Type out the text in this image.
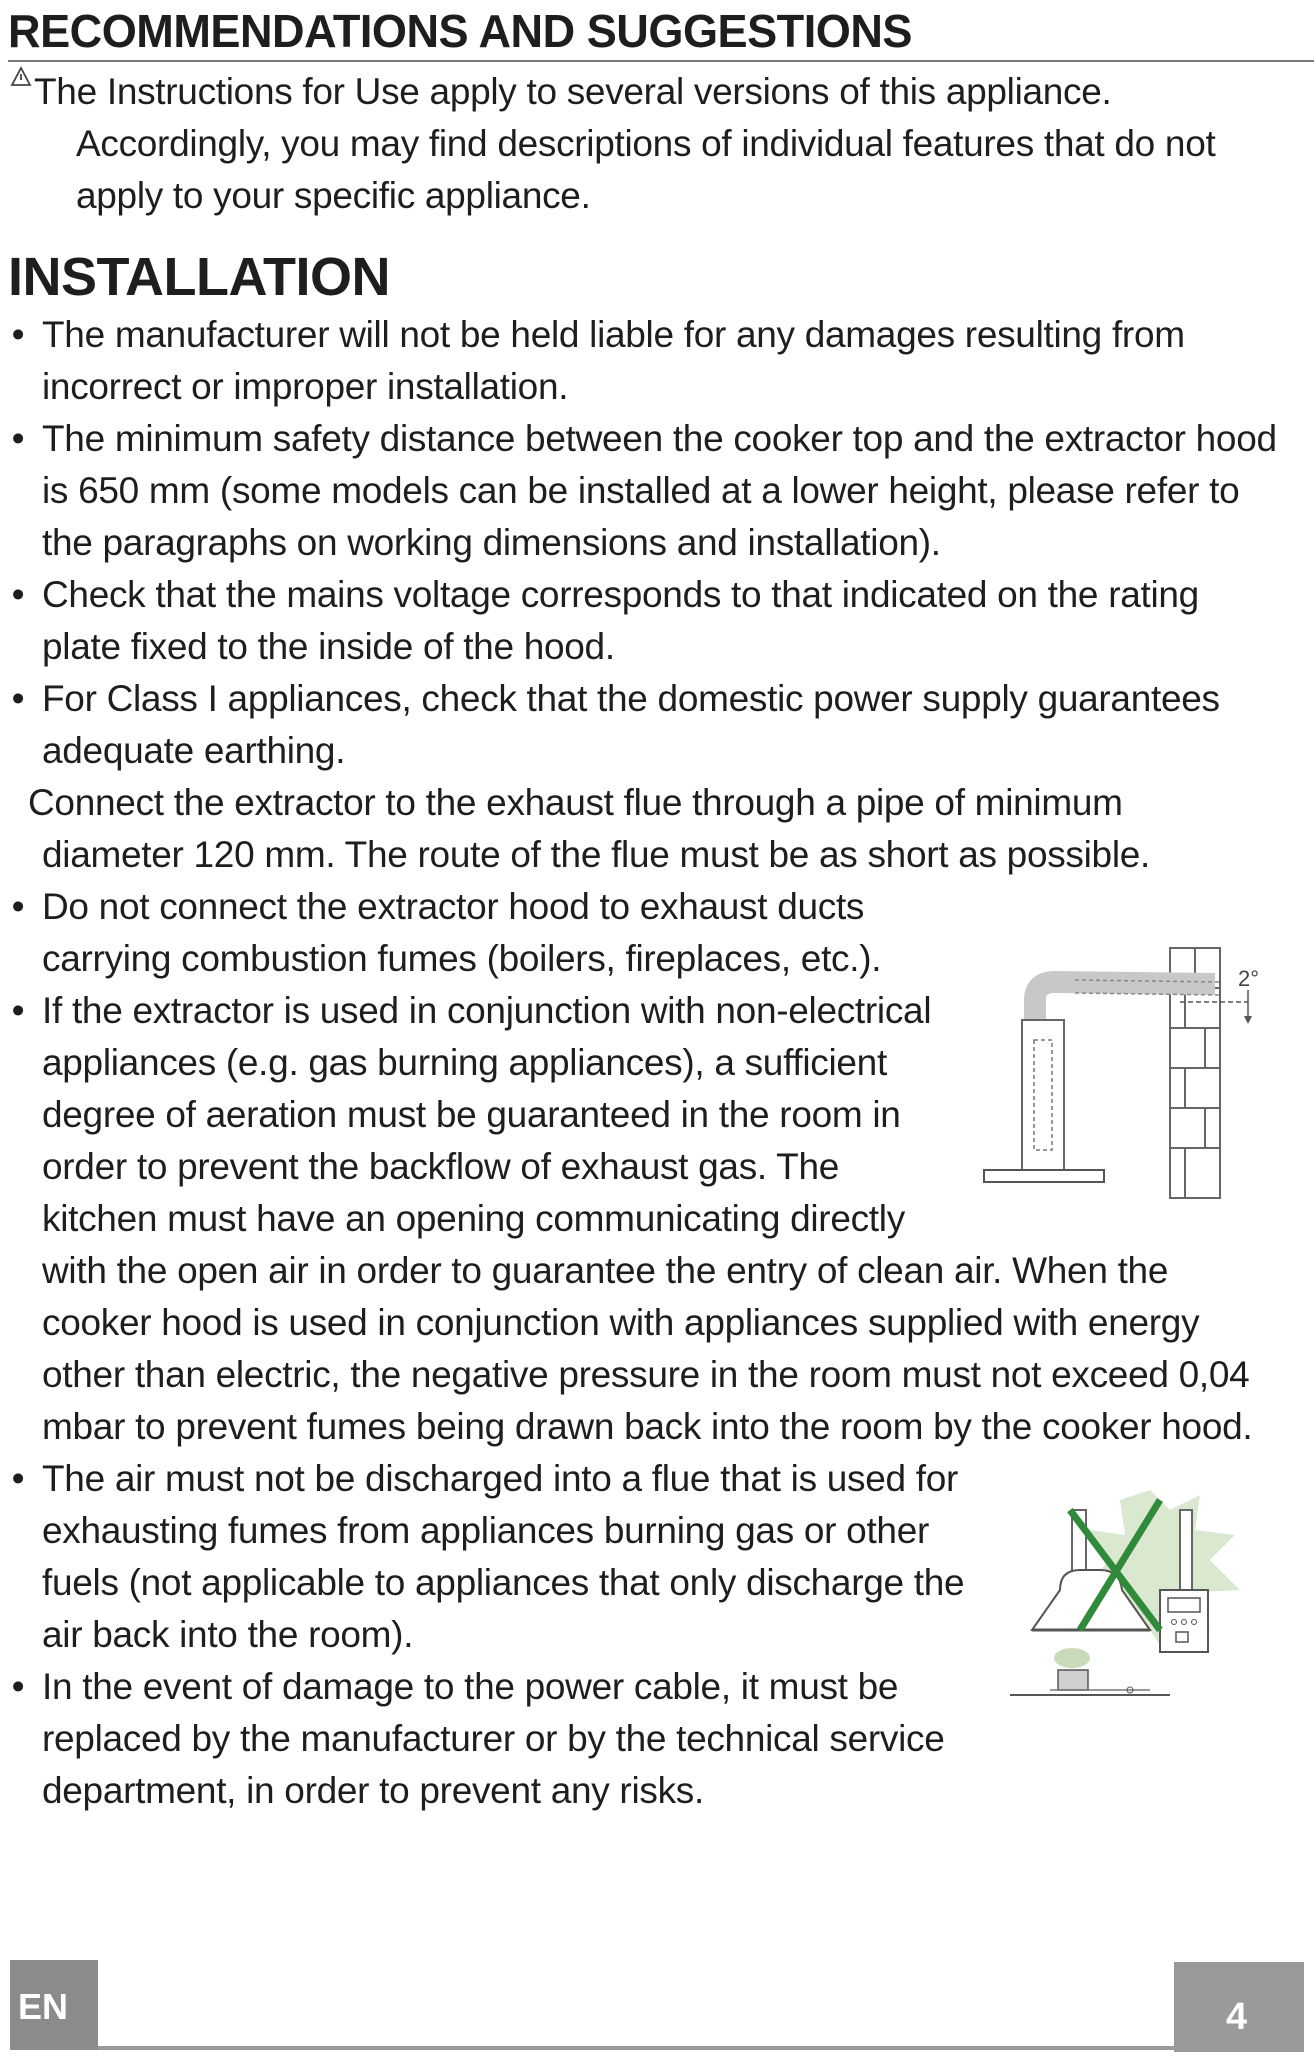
RECOMMENDATIONS AND SUGGESTIONS
The Instructions for Use apply to several versions of this appliance.
Accordingly, you may find descriptions of individual features that do not
apply to your specific appliance.
INSTALLATION
• The manufacturer will not be held liable for any damages resulting from

incorrect or improper installation.

• The minimum safety distance between the cooker top and the extractor hood

is 650 mm (some models can be installed at a lower height, please refer to

the paragraphs on working dimensions and installation).

• Check that the mains voltage corresponds to that indicated on the rating

plate fixed to the inside of the hood.

• For Class I appliances, check that the domestic power supply guarantees

adequate earthing.

Connect the extractor to the exhaust flue through a pipe of minimum

diameter 120 mm. The route of the flue must be as short as possible.

• Do not connect the extractor hood to exhaust ducts

carrying combustion fumes (boilers, fireplaces, etc.).

• If the extractor is used in conjunction with non-electrical

appliances (e.g. gas burning appliances), a sufficient

degree of aeration must be guaranteed in the room in

order to prevent the backflow of exhaust gas. The

kitchen must have an opening communicating directly

with the open air in order to guarantee the entry of clean air. When the

cooker hood is used in conjunction with appliances supplied with energy

other than electric, the negative pressure in the room must not exceed 0,04

mbar to prevent fumes being drawn back into the room by the cooker hood.

• The air must not be discharged into a flue that is used for

exhausting fumes from appliances burning gas or other

fuels (not applicable to appliances that only discharge the

air back into the room).

• In the event of damage to the power cable, it must be

replaced by the manufacturer or by the technical service

department, in order to prevent any risks.

2°
EN	4
